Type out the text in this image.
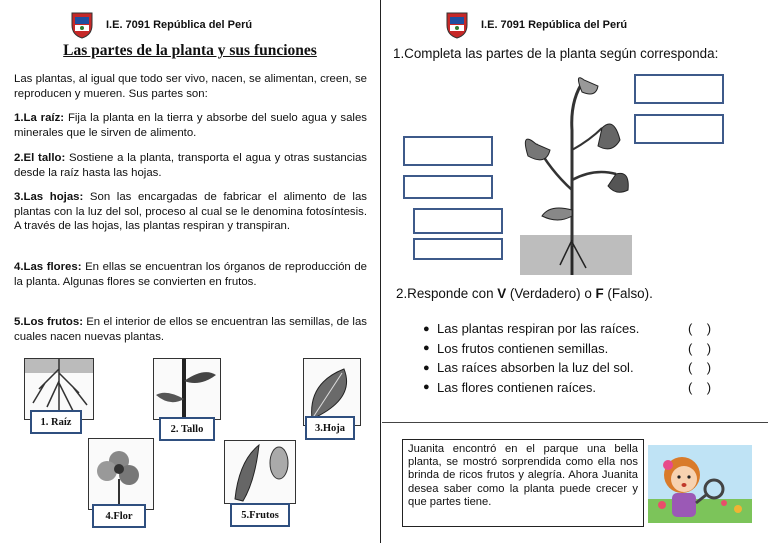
I.E. 7091 República del Perú
Las partes de la planta y sus funciones

Las plantas, al igual que todo ser vivo, nacen, se alimentan, creen, se reproducen y mueren. Sus partes son:

1.La raíz: Fija la planta en la tierra y absorbe del suelo agua y sales minerales que le sirven de alimento.

2.El tallo: Sostiene a la planta, transporta el agua y otras sustancias desde la raíz hasta las hojas.

3.Las hojas: Son las encargadas de fabricar el alimento de las plantas con la luz del sol, proceso al cual se le denomina fotosíntesis. A través de las hojas, las plantas respiran y transpiran.

4.Las flores: En ellas se encuentran los órganos de reproducción de la planta. Algunas flores se convierten en frutos.

5.Los frutos: En el interior de ellos se encuentran las semillas, de las cuales nacen nuevas plantas.

1. Raíz
2. Tallo	3.Hoja
4.Flor	5.Frutos
I.E. 7091 República del Perú
1.Completa las partes de la planta según corresponda:
2.Responde con V (Verdadero) o F (Falso).
● Las plantas respiran por las raíces.	(    )
● Los frutos contienen semillas.	(    )
● Las raíces absorben la luz del sol.	(    )
● Las flores contienen raíces.	(    )
Juanita encontró en el parque una bella planta, se mostró sorprendida como ella nos brinda de ricos frutos y alegría. Ahora Juanita desea saber como la planta puede crecer y que partes tiene.
